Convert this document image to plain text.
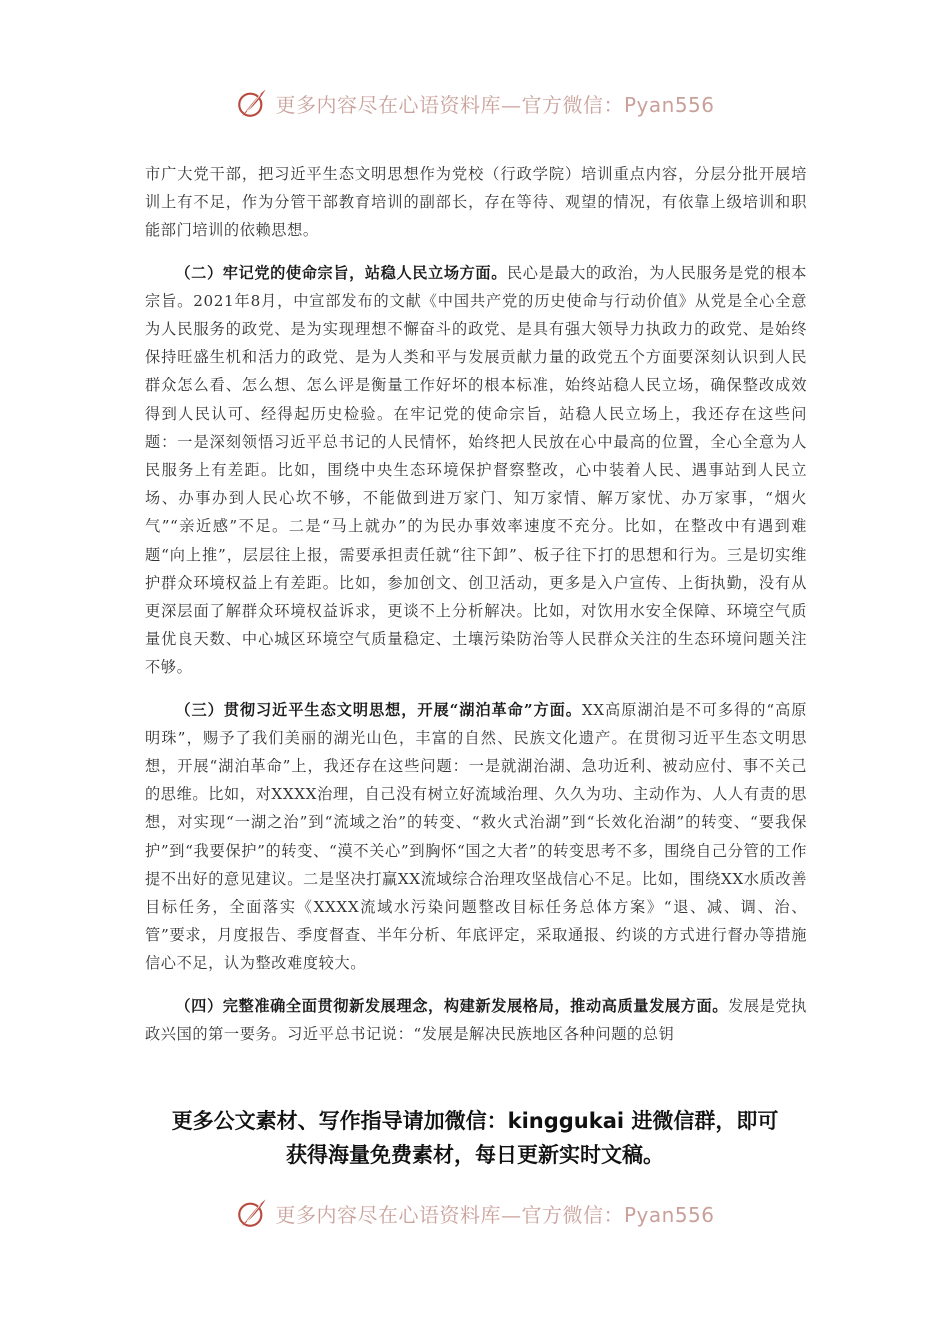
更多内容尽在心语资料库—官方微信：Pyan556

市广大党干部，把习近平生态文明思想作为党校（行政学院）培训重点内容，分层分批开展培训上有不足，作为分管干部教育培训的副部长，存在等待、观望的情况，有依靠上级培训和职能部门培训的依赖思想。

（二）牢记党的使命宗旨，站稳人民立场方面。民心是最大的政治，为人民服务是党的根本宗旨。2021年8月，中宣部发布的文献《中国共产党的历史使命与行动价值》从党是全心全意为人民服务的政党、是为实现理想不懈奋斗的政党、是具有强大领导力执政力的政党、是始终保持旺盛生机和活力的政党、是为人类和平与发展贡献力量的政党五个方面要深刻认识到人民群众怎么看、怎么想、怎么评是衡量工作好坏的根本标准，始终站稳人民立场，确保整改成效得到人民认可、经得起历史检验。在牢记党的使命宗旨，站稳人民立场上，我还存在这些问题：一是深刻领悟习近平总书记的人民情怀，始终把人民放在心中最高的位置，全心全意为人民服务上有差距。比如，围绕中央生态环境保护督察整改，心中装着人民、遇事站到人民立场、办事办到人民心坎不够，不能做到进万家门、知万家情、解万家忧、办万家事，“烟火气”“亲近感”不足。二是“马上就办”的为民办事效率速度不充分。比如，在整改中有遇到难题“向上推”，层层往上报，需要承担责任就“往下卸”、板子往下打的思想和行为。三是切实维护群众环境权益上有差距。比如，参加创文、创卫活动，更多是入户宣传、上街执勤，没有从更深层面了解群众环境权益诉求，更谈不上分析解决。比如，对饮用水安全保障、环境空气质量优良天数、中心城区环境空气质量稳定、土壤污染防治等人民群众关注的生态环境问题关注不够。

（三）贯彻习近平生态文明思想，开展“湖泊革命”方面。XX高原湖泊是不可多得的“高原明珠”，赐予了我们美丽的湖光山色，丰富的自然、民族文化遗产。在贯彻习近平生态文明思想，开展“湖泊革命”上，我还存在这些问题：一是就湖治湖、急功近利、被动应付、事不关己的思维。比如，对XXXX治理，自己没有树立好流域治理、久久为功、主动作为、人人有责的思想，对实现“一湖之治”到“流域之治”的转变、“救火式治湖”到“长效化治湖”的转变、“要我保护”到“我要保护”的转变、“漠不关心”到胸怀“国之大者”的转变思考不多，围绕自己分管的工作提不出好的意见建议。二是坚决打赢XX流域综合治理攻坚战信心不足。比如，围绕XX水质改善目标任务，全面落实《XXXX流域水污染问题整改目标任务总体方案》“退、减、调、治、管”要求，月度报告、季度督查、半年分析、年底评定，采取通报、约谈的方式进行督办等措施信心不足，认为整改难度较大。

（四）完整准确全面贯彻新发展理念，构建新发展格局，推动高质量发展方面。发展是党执政兴国的第一要务。习近平总书记说：“发展是解决民族地区各种问题的总钥

更多公文素材、写作指导请加微信：kinggukai 进微信群，即可
获得海量免费素材，每日更新实时文稿。
更多内容尽在心语资料库—官方微信：Pyan556
